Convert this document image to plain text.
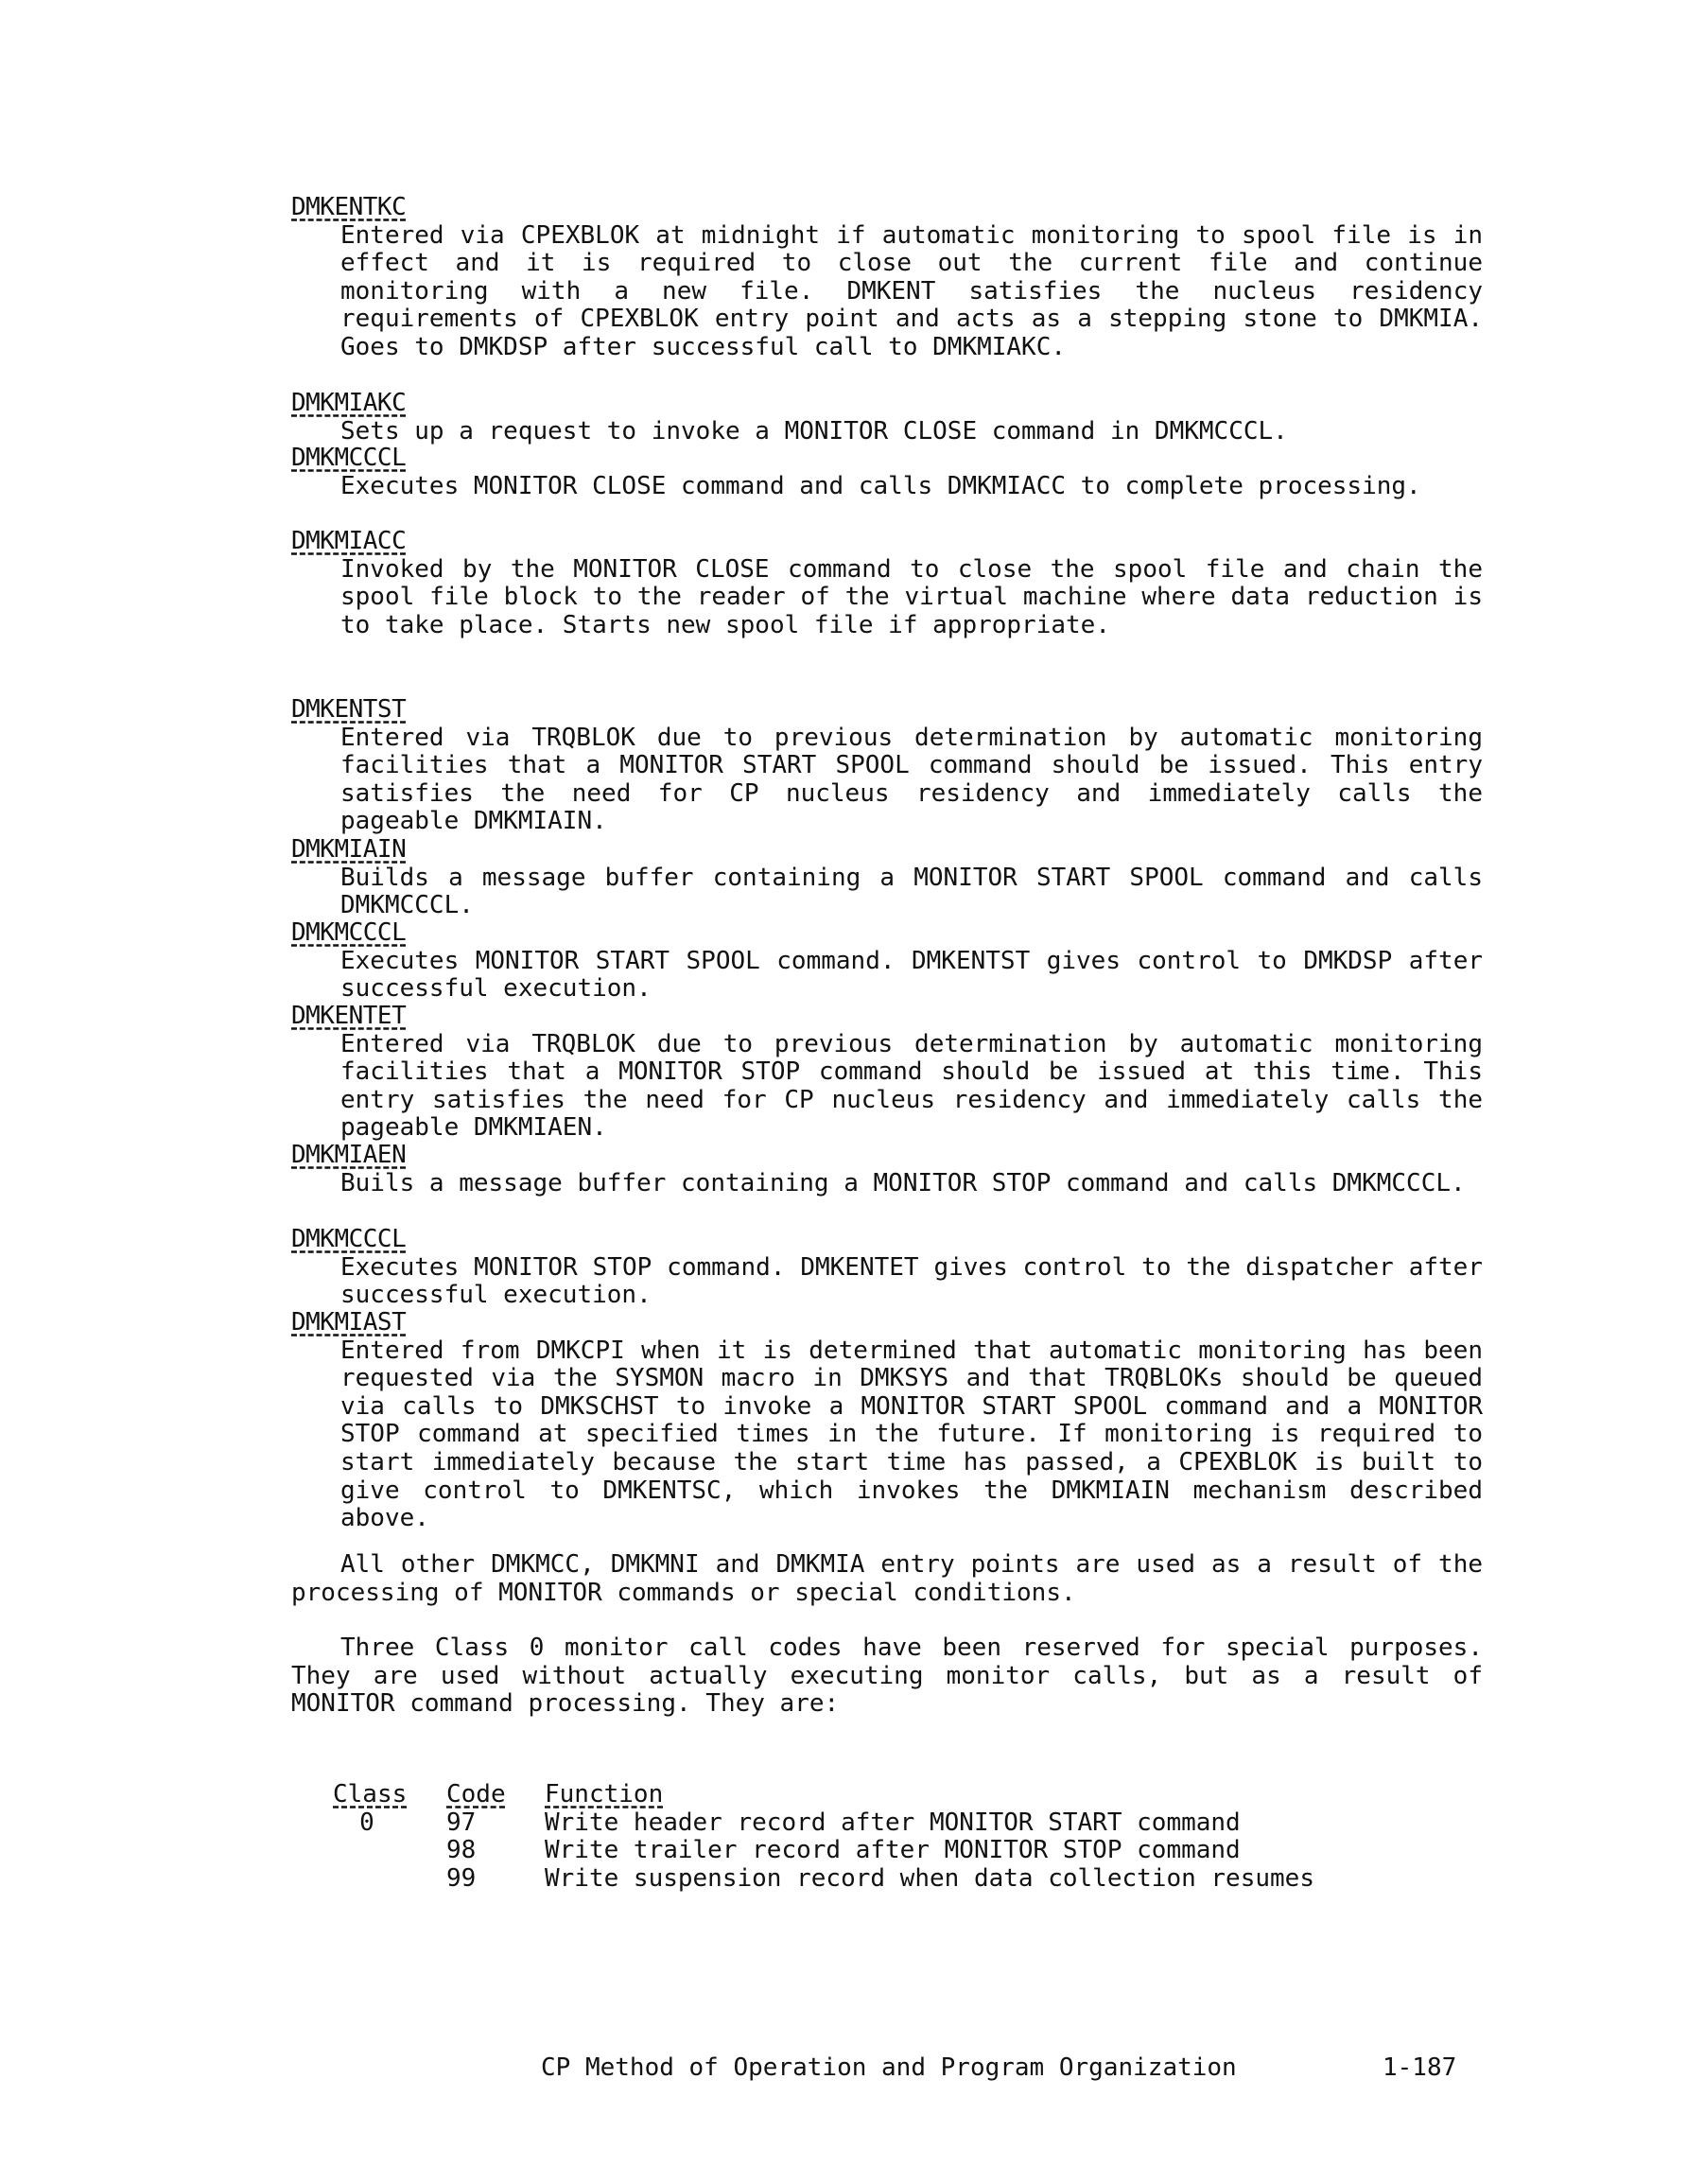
DMKENTKC
Entered via CPEXBLOK at midnight if automatic monitoring to spool file is in effect and it is required to close out the current file and continue monitoring with a new file. DMKENT satisfies the nucleus residency requirements of CPEXBLOK entry point and acts as a stepping stone to DMKMIA. Goes to DMKDSP after successful call to DMKMIAKC.
DMKMIAKC
Sets up a request to invoke a MONITOR CLOSE command in DMKMCCCL.
DMKMCCCL
Executes MONITOR CLOSE command and calls DMKMIACC to complete processing.
DMKMIACC
Invoked by the MONITOR CLOSE command to close the spool file and chain the spool file block to the reader of the virtual machine where data reduction is to take place. Starts new spool file if appropriate.
DMKENTST
Entered via TRQBLOK due to previous determination by automatic monitoring facilities that a MONITOR START SPOOL command should be issued. This entry satisfies the need for CP nucleus residency and immediately calls the pageable DMKMIAIN.
DMKMIAIN
Builds a message buffer containing a MONITOR START SPOOL command and calls DMKMCCCL.
DMKMCCCL
Executes MONITOR START SPOOL command. DMKENTST gives control to DMKDSP after successful execution.
DMKENTET
Entered via TRQBLOK due to previous determination by automatic monitoring facilities that a MONITOR STOP command should be issued at this time. This entry satisfies the need for CP nucleus residency and immediately calls the pageable DMKMIAEN.
DMKMIAEN
Buils a message buffer containing a MONITOR STOP command and calls DMKMCCCL.
DMKMCCCL
Executes MONITOR STOP command. DMKENTET gives control to the dispatcher after successful execution.
DMKMIAST
Entered from DMKCPI when it is determined that automatic monitoring has been requested via the SYSMON macro in DMKSYS and that TRQBLOKs should be queued via calls to DMKSCHST to invoke a MONITOR START SPOOL command and a MONITOR STOP command at specified times in the future. If monitoring is required to start immediately because the start time has passed, a CPEXBLOK is built to give control to DMKENTSC, which invokes the DMKMIAIN mechanism described above.

All other DMKMCC, DMKMNI and DMKMIA entry points are used as a result of the processing of MONITOR commands or special conditions.

Three Class 0 monitor call codes have been reserved for special purposes. They are used without actually executing monitor calls, but as a result of MONITOR command processing. They are:

Class	Code	Function
0	97	Write header record after MONITOR START command
	98	Write trailer record after MONITOR STOP command
	99	Write suspension record when data collection resumes
CP Method of Operation and Program Organization	1-187
